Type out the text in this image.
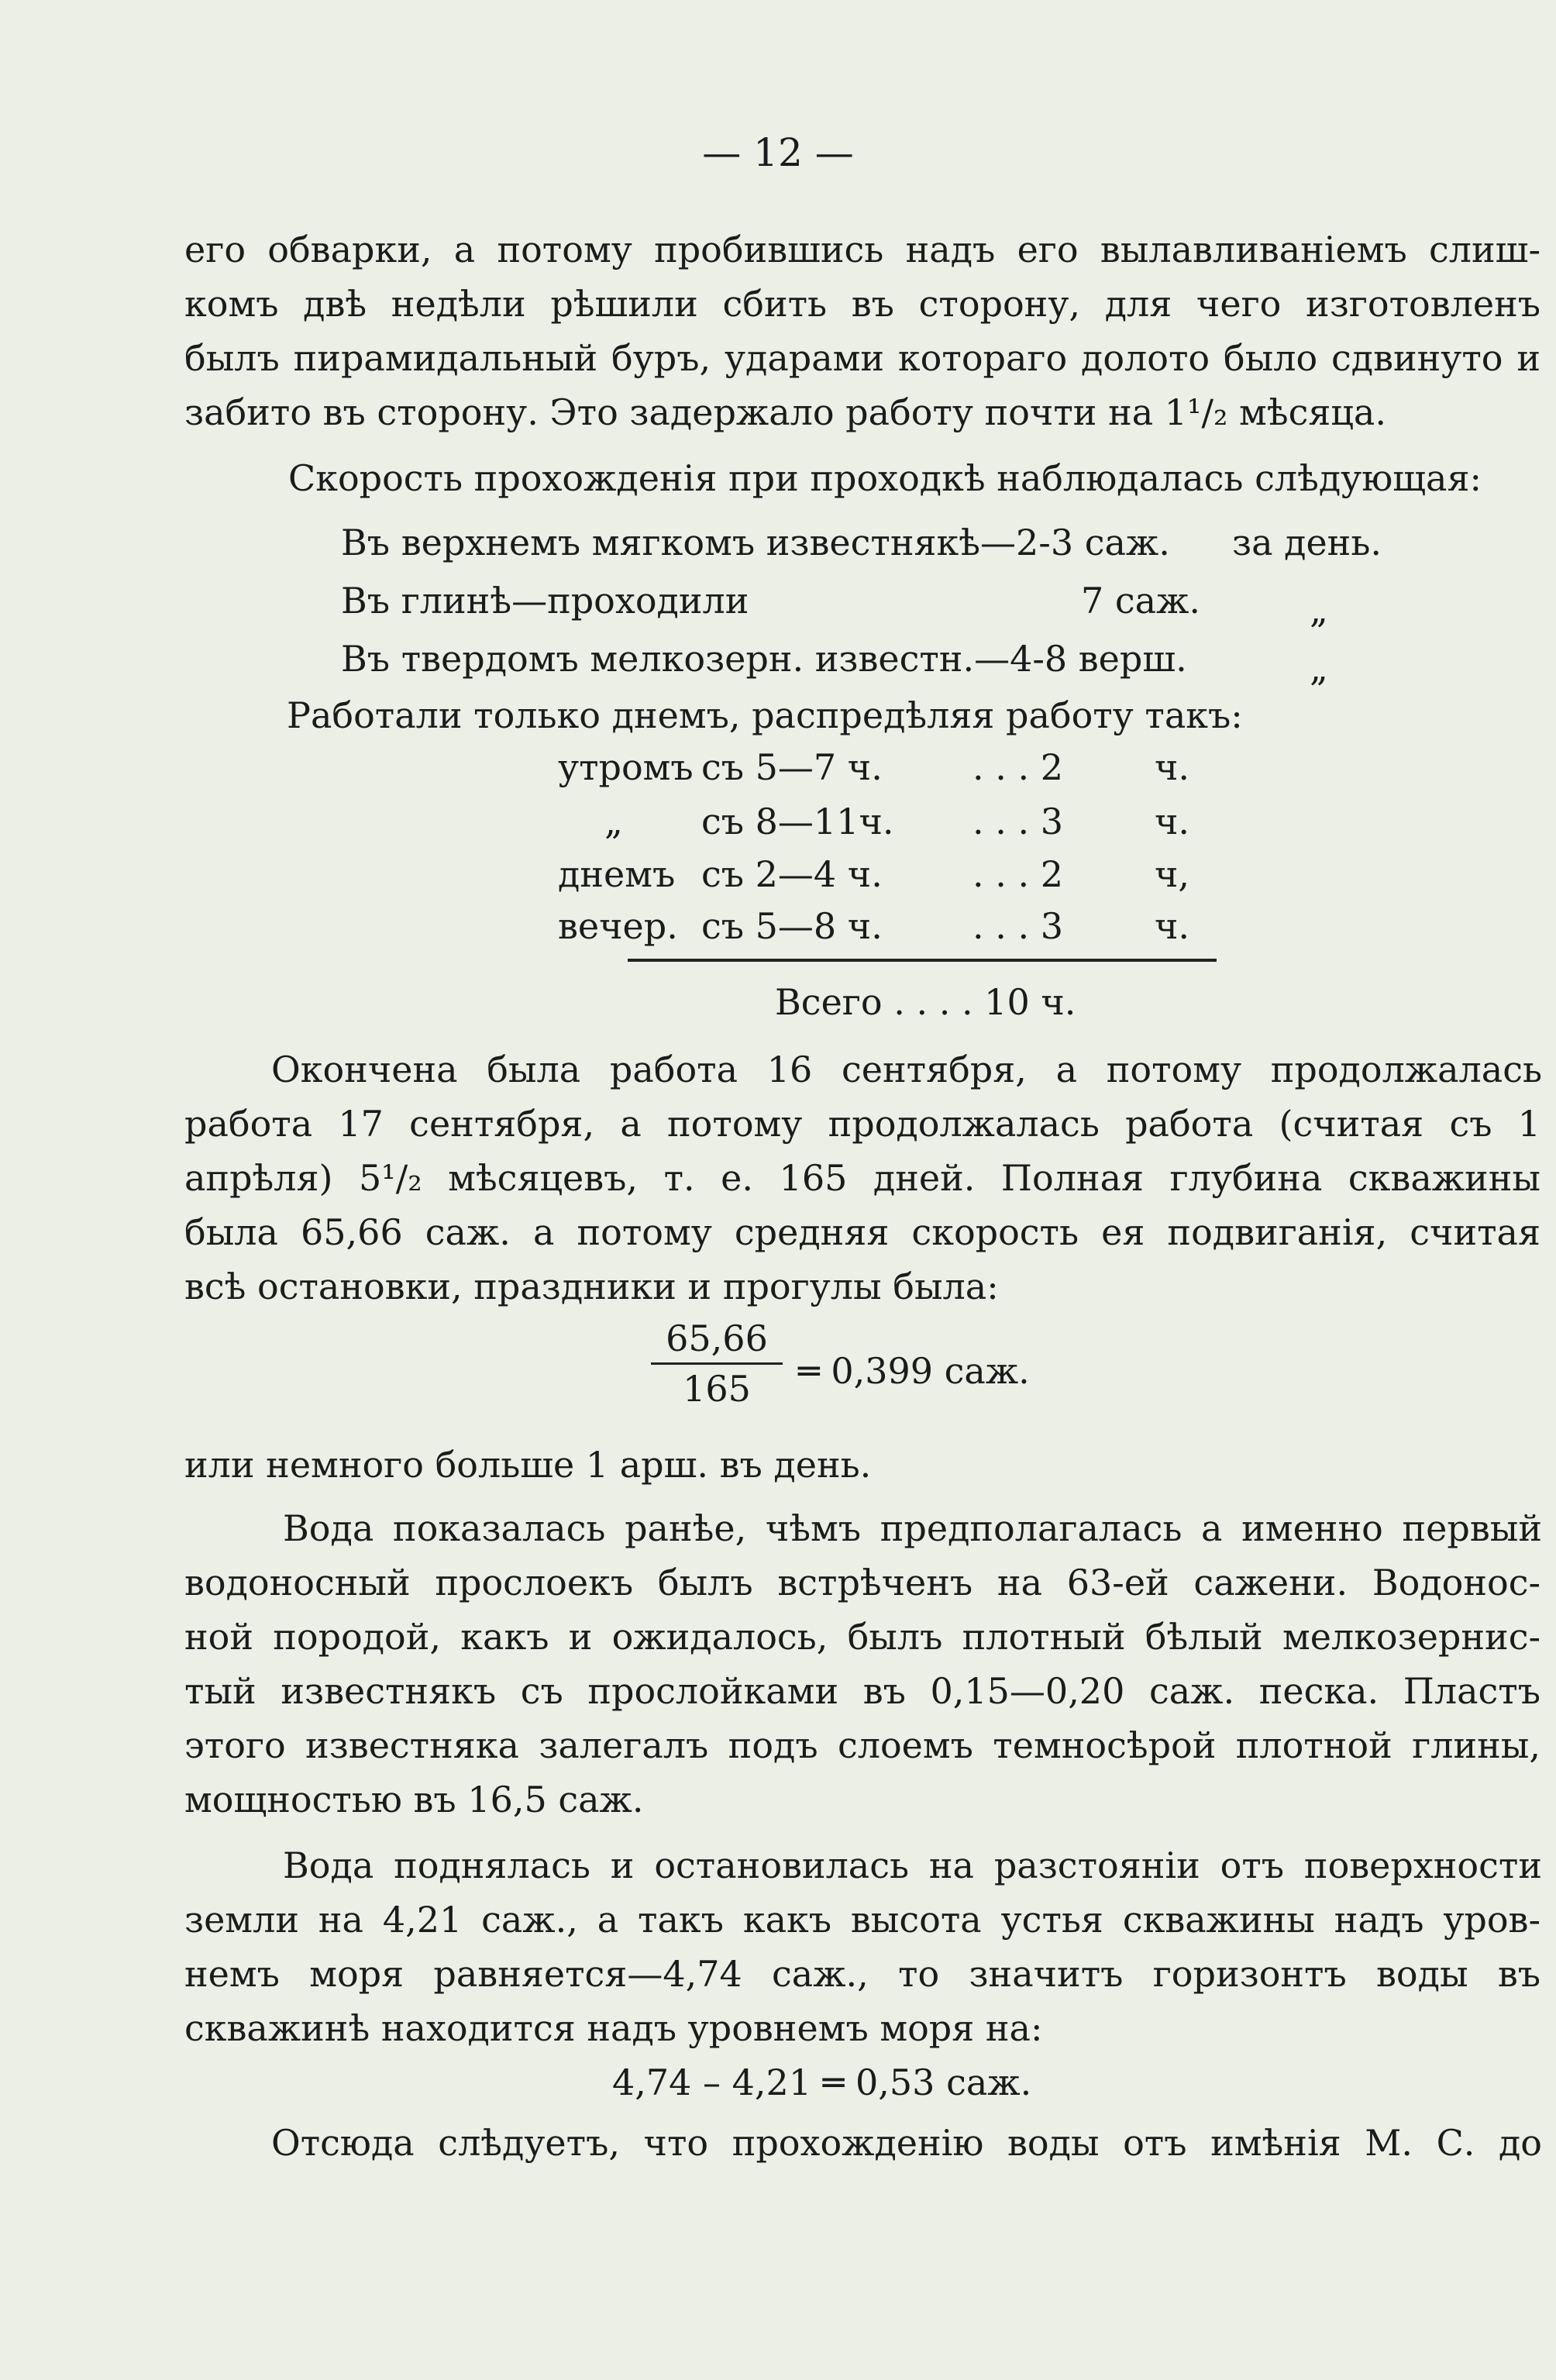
— 12 —
его обварки, а потому пробившись надъ его вылавливаніемъ слиш-
комъ двѣ недѣли рѣшили сбить въ сторону, для чего изготовленъ
былъ пирамидальный буръ, ударами котораго долото было сдвинуто и
забито въ сторону. Это задержало работу почти на 1¹/₂ мѣсяца.
Скорость прохожденія при проходкѣ наблюдалась слѣдующая:
Въ верхнемъ мягкомъ известнякѣ—2-3 саж. за день.
Въ глинѣ—проходили	7 саж.	„
Въ твердомъ мелкозерн. известн.—4-8 верш.	„
Работали только днемъ, распредѣляя работу такъ:
утромъ съ 5—7 ч.	. . . 2	ч.
„ съ 8—11ч. . . . 3	ч.
днемъ съ 2—4 ч.	. . . 2	ч,
вечер. съ 5—8 ч.	. . . 3	ч.
Всего . . . . 10 ч.
Окончена была работа 16 сентября, а потому продолжалась
работа 17 сентября, а потому продолжалась работа (считая съ 1
апрѣля) 5¹/₂ мѣсяцевъ, т. е. 165 дней. Полная глубина скважины
была 65,66 саж. а потому средняя скорость ея подвиганія, считая
всѣ остановки, праздники и прогулы была:
$\frac{65,66}{165}$ ═ 0,399 саж.
или немного больше 1 арш. въ день.
Вода показалась ранѣе, чѣмъ предполагалась а именно первый
водоносный прослоекъ былъ встрѣченъ на 63-ей сажени. Водонос-
ной породой, какъ и ожидалось, былъ плотный бѣлый мелкозернис-
тый известнякъ съ прослойками въ 0,15—0,20 саж. песка. Пластъ
этого известняка залегалъ подъ слоемъ темносѣрой плотной глины,
мощностью въ 16,5 саж.
Вода поднялась и остановилась на разстояніи отъ поверхности
земли на 4,21 саж., а такъ какъ высота устья скважины надъ уров-
немъ моря равняется—4,74 саж., то значитъ горизонтъ воды въ
скважинѣ находится надъ уровнемъ моря на:
4,74 – 4,21 ═ 0,53 саж.
Отсюда слѣдуетъ, что прохожденію воды отъ имѣнія М. С. до
